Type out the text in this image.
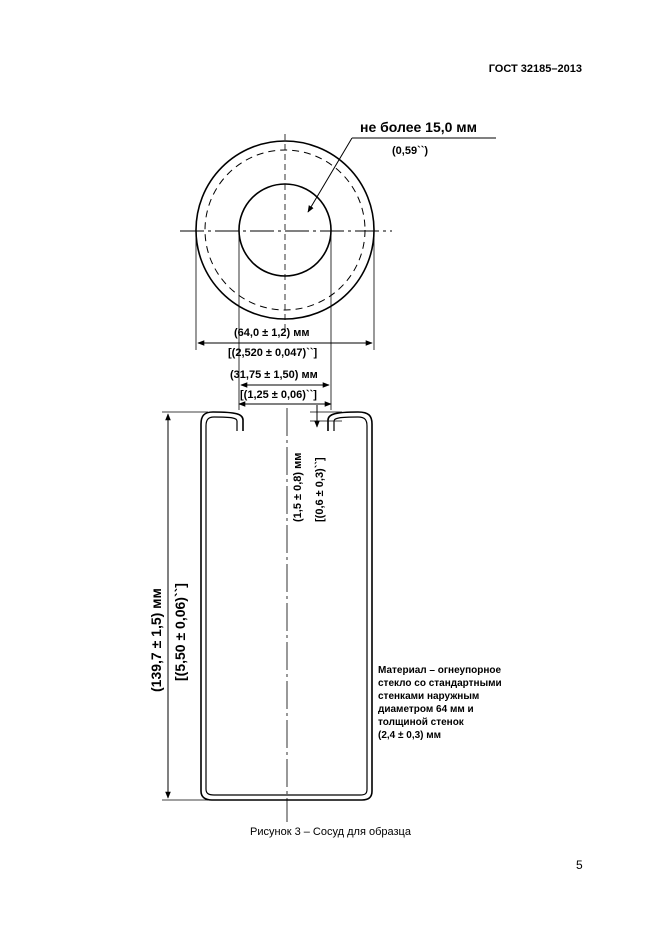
ГОСТ 32185–2013
не более 15,0 мм
(0,59``)
(64,0 ± 1,2) мм
[(2,520 ± 0,047)``]
(31,75 ± 1,50) мм
[(1,25 ± 0,06)``]
(1,5 ± 0,8) мм [(0,6 ± 0,3)``]
(139,7 ± 1,5) мм [(5,50 ± 0,06)``]	Материал – огнеупорное
стекло со стандартными
стенками наружным
диаметром 64 мм и
толщиной стенок
(2,4 ± 0,3) мм
Рисунок 3 – Сосуд для образца
5
